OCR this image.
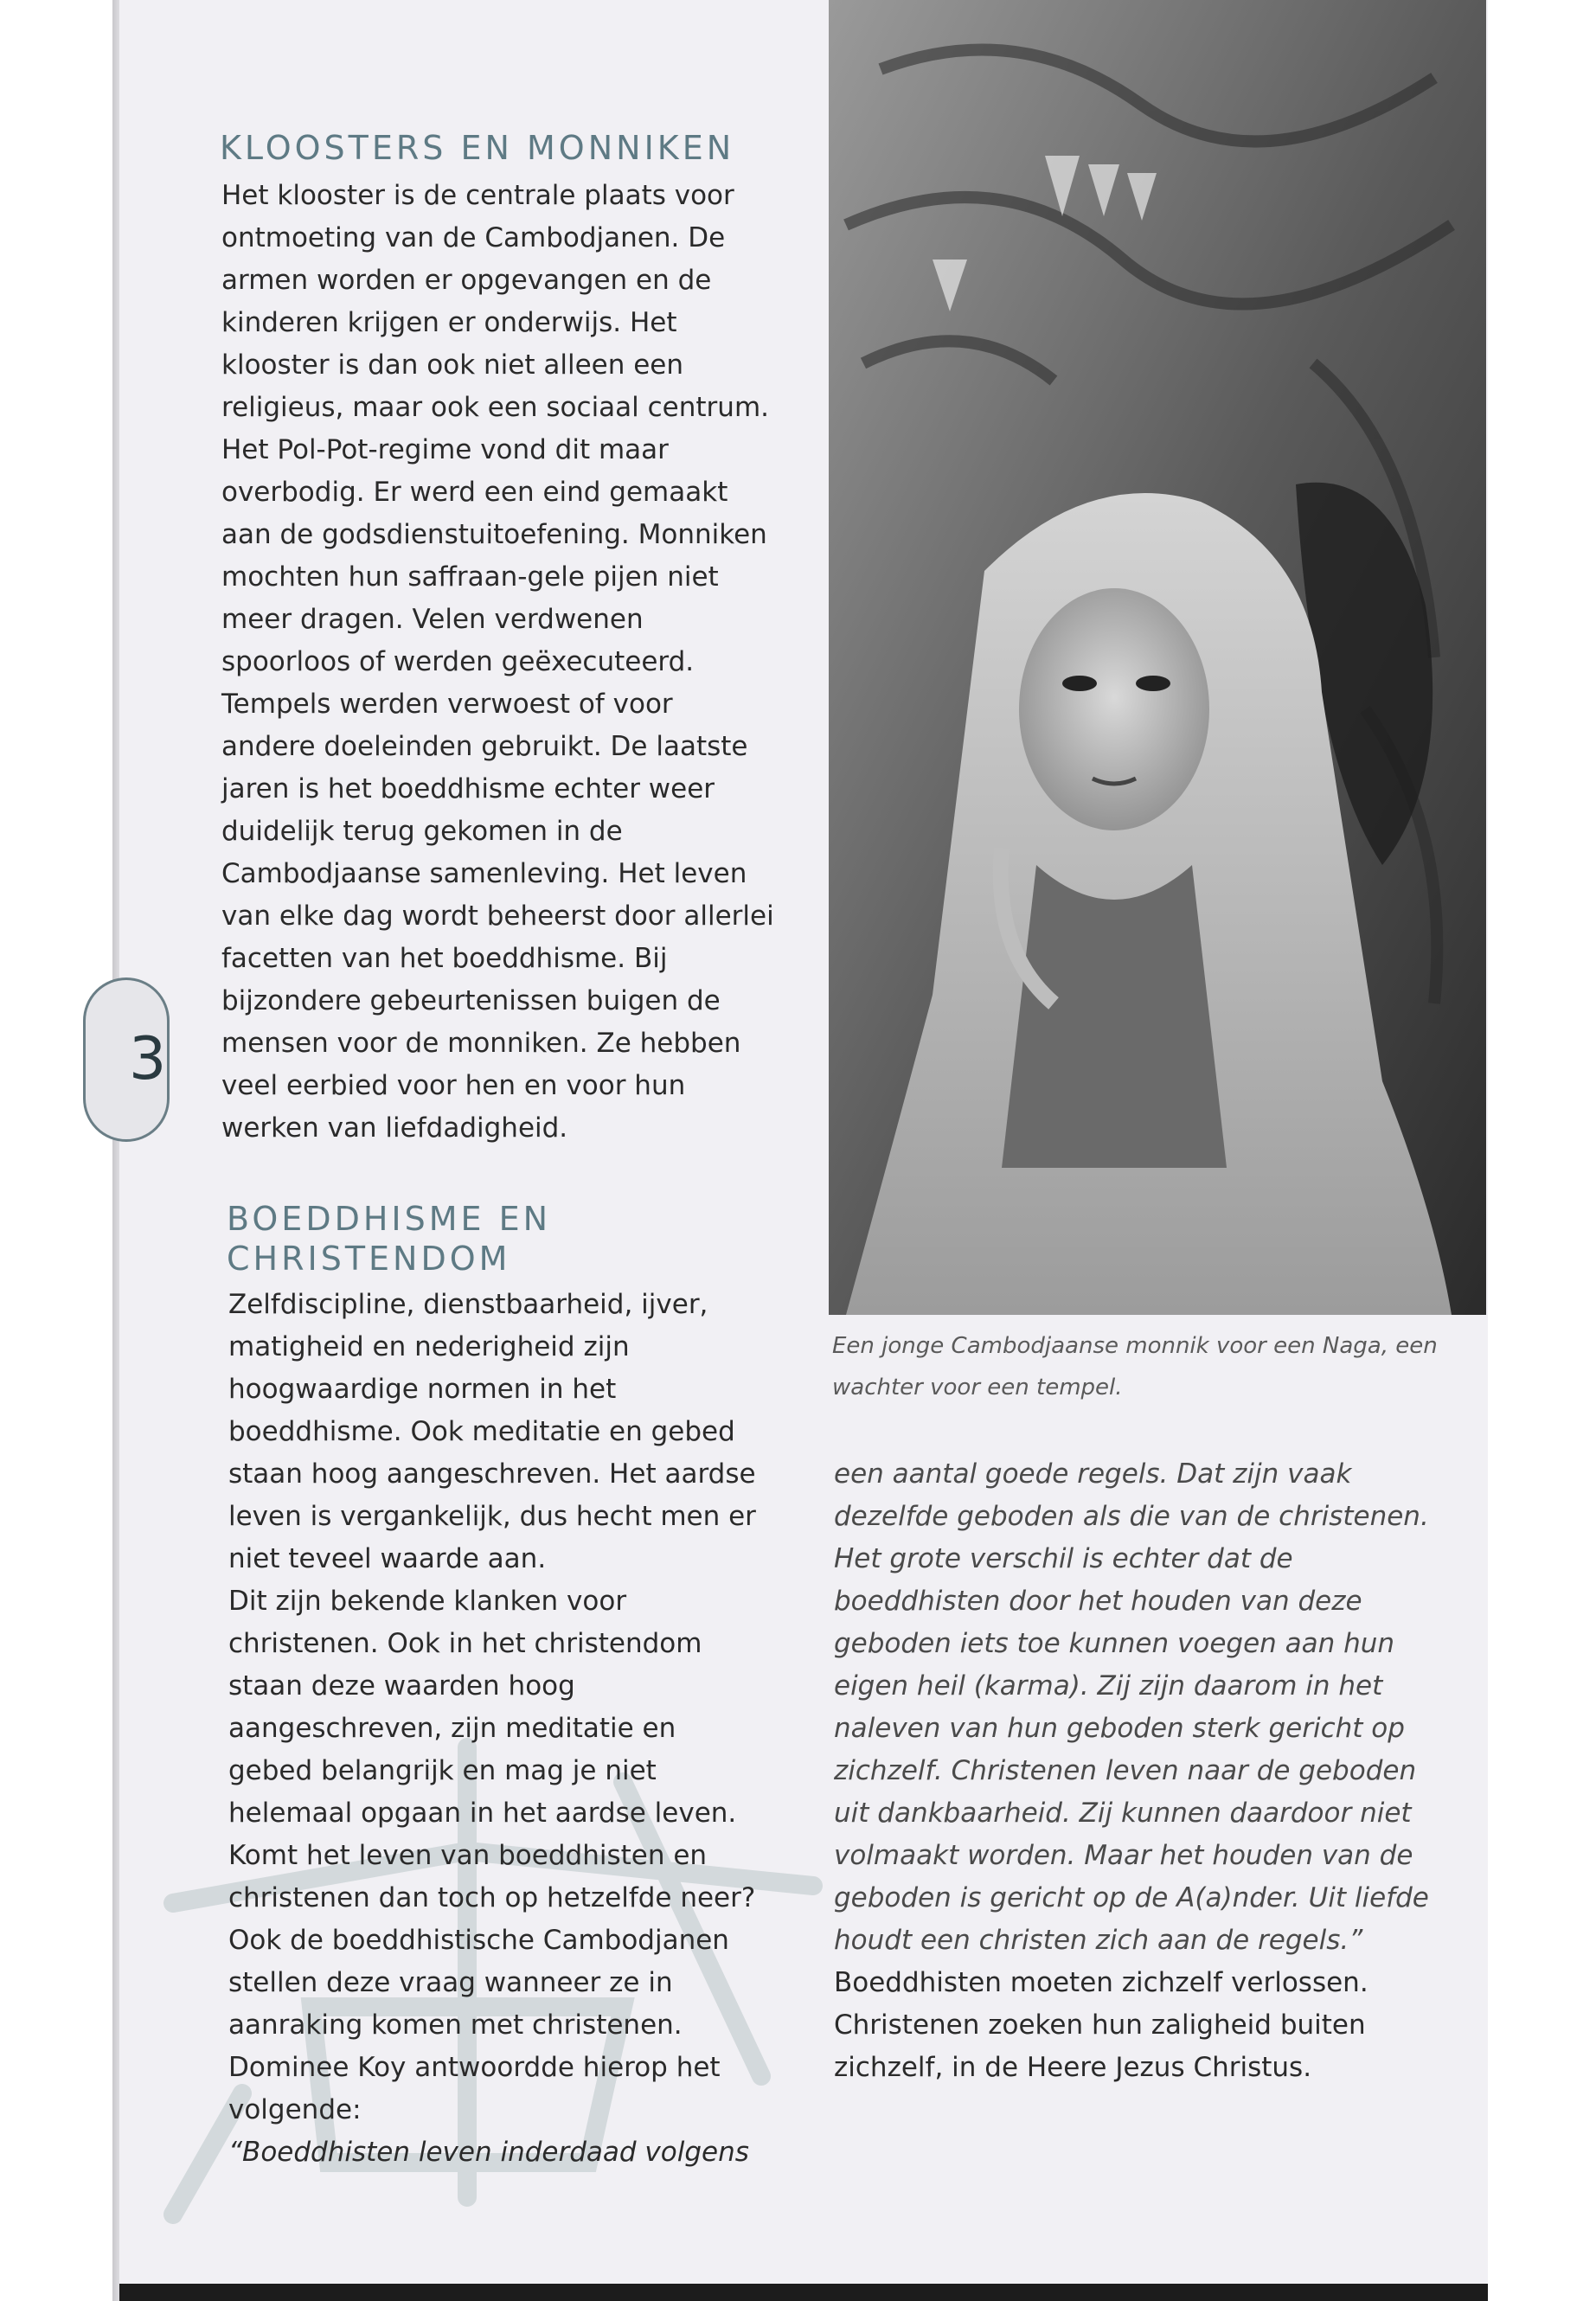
3
KLOOSTERS EN MONNIKEN

Het klooster is de centrale plaats voor ontmoeting van de Cambodjanen. De armen worden er opgevangen en de kinderen krijgen er onderwijs. Het klooster is dan ook niet alleen een religieus, maar ook een sociaal centrum. Het Pol-Pot-regime vond dit maar overbodig. Er werd een eind gemaakt aan de godsdienstuitoefening. Monniken mochten hun saffraan-gele pijen niet meer dragen. Velen verdwenen spoorloos of werden geëxecuteerd. Tempels werden verwoest of voor andere doeleinden gebruikt. De laatste jaren is het boeddhisme echter weer duidelijk terug gekomen in de Cambodjaanse samenleving. Het leven van elke dag wordt beheerst door allerlei facetten van het boeddhisme. Bij bijzondere gebeurtenissen buigen de mensen voor de monniken. Ze hebben veel eerbied voor hen en voor hun werken van liefdadigheid.

BOEDDHISME EN
CHRISTENDOM

Zelfdiscipline, dienstbaarheid, ijver, matigheid en nederigheid zijn hoogwaardige normen in het boeddhisme. Ook meditatie en gebed staan hoog aangeschreven. Het aardse leven is vergankelijk, dus hecht men er niet teveel waarde aan.

Dit zijn bekende klanken voor christenen. Ook in het christendom staan deze waarden hoog aangeschreven, zijn meditatie en gebed belangrijk en mag je niet helemaal opgaan in het aardse leven. Komt het leven van boeddhisten en christenen dan toch op hetzelfde neer?

Ook de boeddhistische Cambodjanen stellen deze vraag wanneer ze in aanraking komen met christenen.

Dominee Koy antwoordde hierop het volgende:

“Boeddhisten leven inderdaad volgens

Een jonge Cambodjaanse monnik voor een Naga, een wachter voor een tempel.

een aantal goede regels. Dat zijn vaak dezelfde geboden als die van de christenen. Het grote verschil is echter dat de boeddhisten door het houden van deze geboden iets toe kunnen voegen aan hun eigen heil (karma). Zij zijn daarom in het naleven van hun geboden sterk gericht op zichzelf. Christenen leven naar de geboden uit dankbaarheid. Zij kunnen daardoor niet volmaakt worden. Maar het houden van de geboden is gericht op de A(a)nder. Uit liefde houdt een christen zich aan de regels.”

Boeddhisten moeten zichzelf verlossen. Christenen zoeken hun zaligheid buiten zichzelf, in de Heere Jezus Christus.
